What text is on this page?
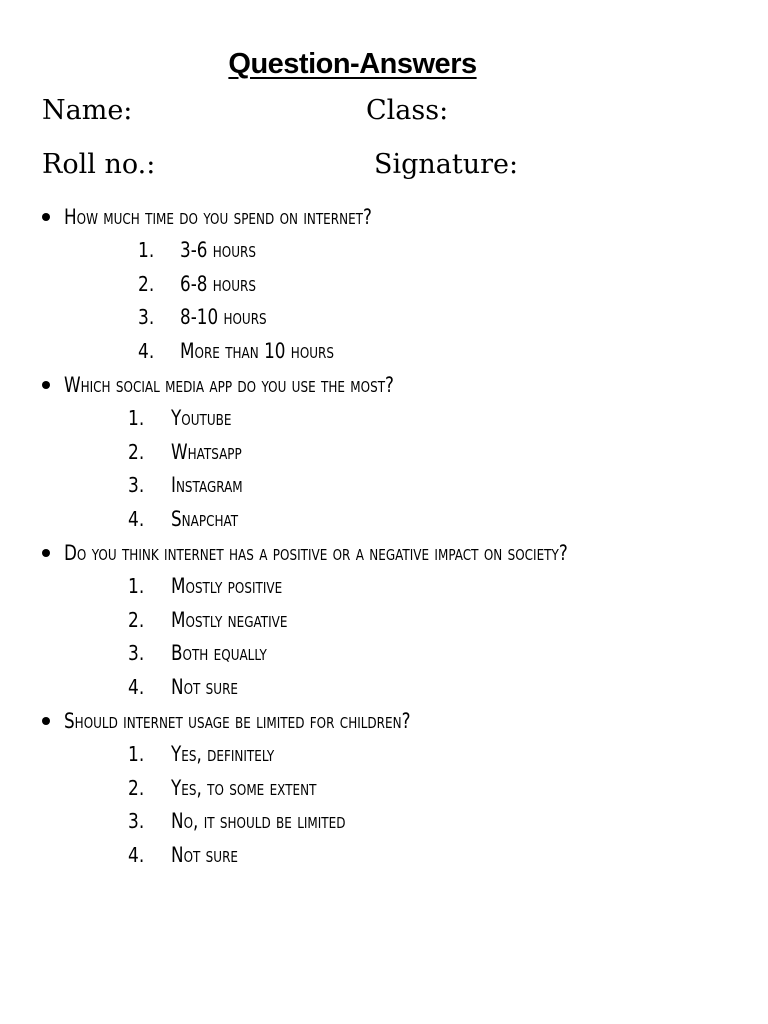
Question-Answers
Name:	Class:
Roll no.:	Signature:
How much time do you spend on internet?
1.	3-6 hours
2.	6-8 hours
3.	8-10 hours
4.	More than 10 hours
Which social media app do you use the most?
1.	Youtube
2.	Whatsapp
3.	Instagram
4.	Snapchat
Do you think internet has a positive or a negative impact on society?
1.	Mostly positive
2.	Mostly negative
3.	Both equally
4.	Not sure
Should internet usage be limited for children?
1.	Yes, definitely
2.	Yes, to some extent
3.	No, it should be limited
4.	Not sure
